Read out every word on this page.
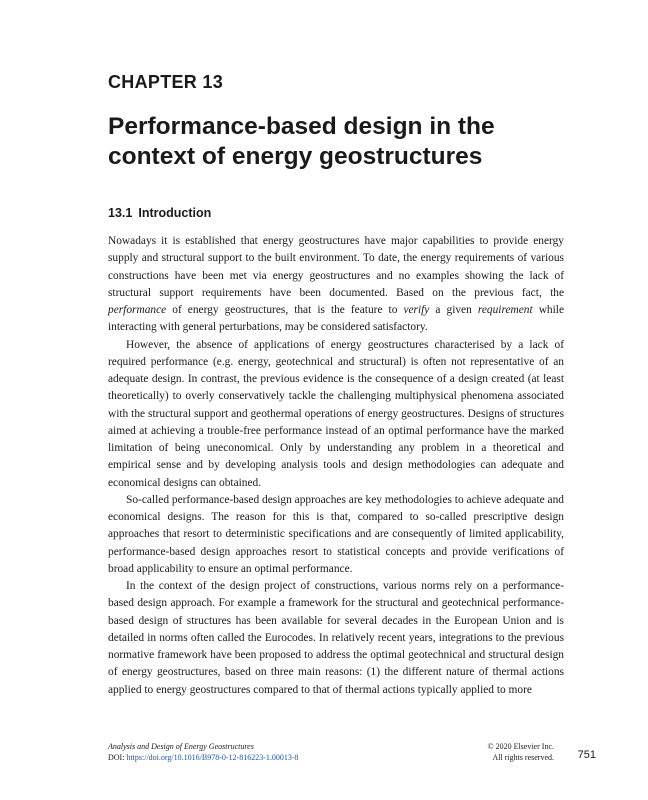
CHAPTER 13
Performance-based design in the
context of energy geostructures
13.1 Introduction

Nowadays it is established that energy geostructures have major capabilities to provide energy supply and structural support to the built environment. To date, the energy requirements of various constructions have been met via energy geostructures and no examples showing the lack of structural support requirements have been documented. Based on the previous fact, the performance of energy geostructures, that is the feature to verify a given requirement while interacting with general perturbations, may be considered satisfactory.

However, the absence of applications of energy geostructures characterised by a lack of required performance (e.g. energy, geotechnical and structural) is often not representative of an adequate design. In contrast, the previous evidence is the consequence of a design created (at least theoretically) to overly conservatively tackle the challenging multiphysical phenomena associated with the structural support and geothermal operations of energy geostructures. Designs of structures aimed at achieving a trouble-free performance instead of an optimal performance have the marked limitation of being uneconomical. Only by understanding any problem in a theoretical and empirical sense and by developing analysis tools and design methodologies can adequate and economical designs can obtained.

So-called performance-based design approaches are key methodologies to achieve adequate and economical designs. The reason for this is that, compared to so-called prescriptive design approaches that resort to deterministic specifications and are consequently of limited applicability, performance-based design approaches resort to statistical concepts and provide verifications of broad applicability to ensure an optimal performance.

In the context of the design project of constructions, various norms rely on a performance-based design approach. For example a framework for the structural and geotechnical performance-based design of structures has been available for several decades in the European Union and is detailed in norms often called the Eurocodes. In relatively recent years, integrations to the previous normative framework have been proposed to address the optimal geotechnical and structural design of energy geostructures, based on three main reasons: (1) the different nature of thermal actions applied to energy geostructures compared to that of thermal actions typically applied to more

Analysis and Design of Energy Geostructures
DOI: https://doi.org/10.1016/B978-0-12-816223-1.00013-8
© 2020 Elsevier Inc.
All rights reserved. 751
